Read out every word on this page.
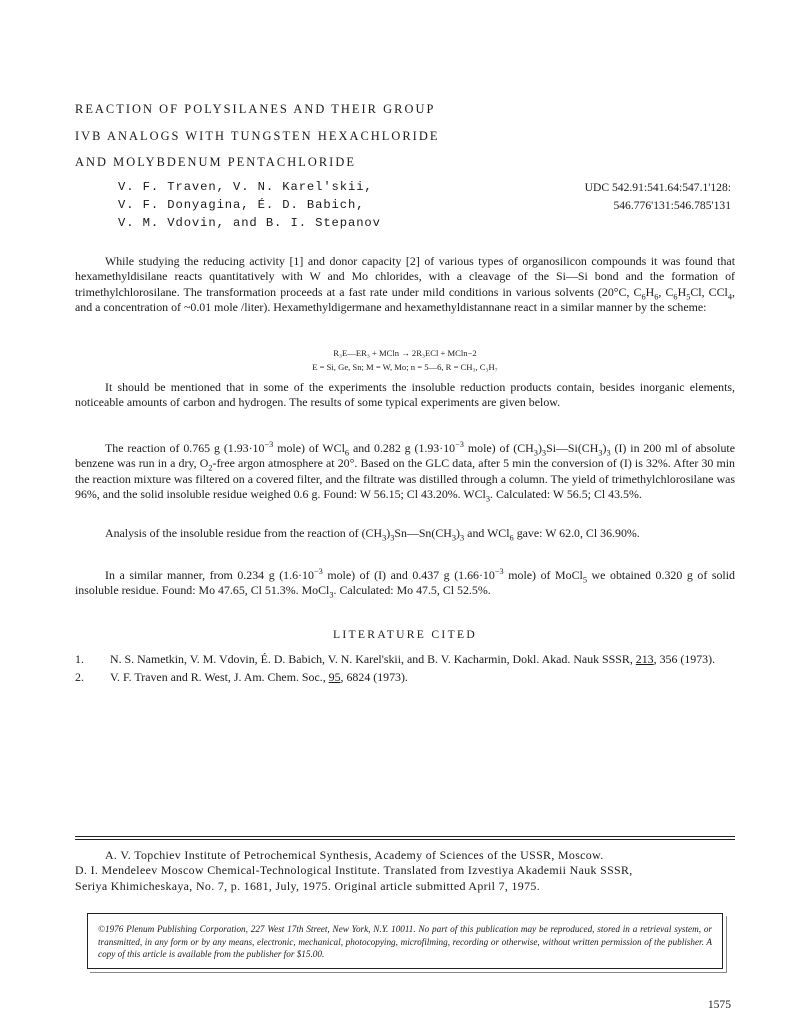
REACTION OF POLYSILANES AND THEIR GROUP
IVB ANALOGS WITH TUNGSTEN HEXACHLORIDE
AND MOLYBDENUM PENTACHLORIDE
V. F. Traven, V. N. Karel'skii,
V. F. Donyagina, É. D. Babich,
V. M. Vdovin, and B. I. Stepanov
UDC 542.91:541.64:547.1'128:
546.776'131:546.785'131

While studying the reducing activity [1] and donor capacity [2] of various types of organosilicon compounds it was found that hexamethyldisilane reacts quantitatively with W and Mo chlorides, with a cleavage of the Si—Si bond and the formation of trimethylchlorosilane. The transformation proceeds at a fast rate under mild conditions in various solvents (20°C, $C_6H_6$, $C_6H_5Cl$, CCl$_4$, and a concentration of ~0.01 mole /liter). Hexamethyldigermane and hexamethyldistannane react in a similar manner by the scheme:

R₃E—ER₃ + MCln → 2R₃ECl + MCln−2
E = Si, Ge, Sn; M = W, Mo; n = 5—6, R = CH₃, C₃H₇

It should be mentioned that in some of the experiments the insoluble reduction products contain, besides inorganic elements, noticeable amounts of carbon and hydrogen. The results of some typical experiments are given below.

The reaction of 0.765 g ($1.93\cdot 10^{-3}$ mole) of WCl$_6$ and 0.282 g ($1.93\cdot 10^{-3}$ mole) of $(CH_3)_3Si—Si(CH_3)_3$ (I) in 200 ml of absolute benzene was run in a dry, $O_2$-free argon atmosphere at 20°. Based on the GLC data, after 5 min the conversion of (I) is 32%. After 30 min the reaction mixture was filtered on a covered filter, and the filtrate was distilled through a column. The yield of trimethylchlorosilane was 96%, and the solid insoluble residue weighed 0.6 g. Found: W 56.15; Cl 43.20%. WCl$_3$. Calculated: W 56.5; Cl 43.5%.

Analysis of the insoluble residue from the reaction of $(CH_3)_3Sn—Sn(CH_3)_3$ and WCl$_6$ gave: W 62.0, Cl 36.90%.

In a similar manner, from 0.234 g ($1.6\cdot 10^{-3}$ mole) of (I) and 0.437 g ($1.66\cdot 10^{-3}$ mole) of MoCl$_5$ we obtained 0.320 g of solid insoluble residue. Found: Mo 47.65, Cl 51.3%. MoCl$_3$. Calculated: Mo 47.5, Cl 52.5%.

LITERATURE CITED
1. N. S. Nametkin, V. M. Vdovin, É. D. Babich, V. N. Karel'skii, and B. V. Kacharmin, Dokl. Akad. Nauk SSSR, 213, 356 (1973).
2. V. F. Traven and R. West, J. Am. Chem. Soc., 95, 6824 (1973).
A. V. Topchiev Institute of Petrochemical Synthesis, Academy of Sciences of the USSR, Moscow.
D. I. Mendeleev Moscow Chemical-Technological Institute. Translated from Izvestiya Akademii Nauk SSSR,
Seriya Khimicheskaya, No. 7, p. 1681, July, 1975. Original article submitted April 7, 1975.
©1976 Plenum Publishing Corporation, 227 West 17th Street, New York, N.Y. 10011. No part of this publication may be reproduced, stored in a retrieval system, or transmitted, in any form or by any means, electronic, mechanical, photocopying, microfilming, recording or otherwise, without written permission of the publisher. A copy of this article is available from the publisher for $15.00.
1575
